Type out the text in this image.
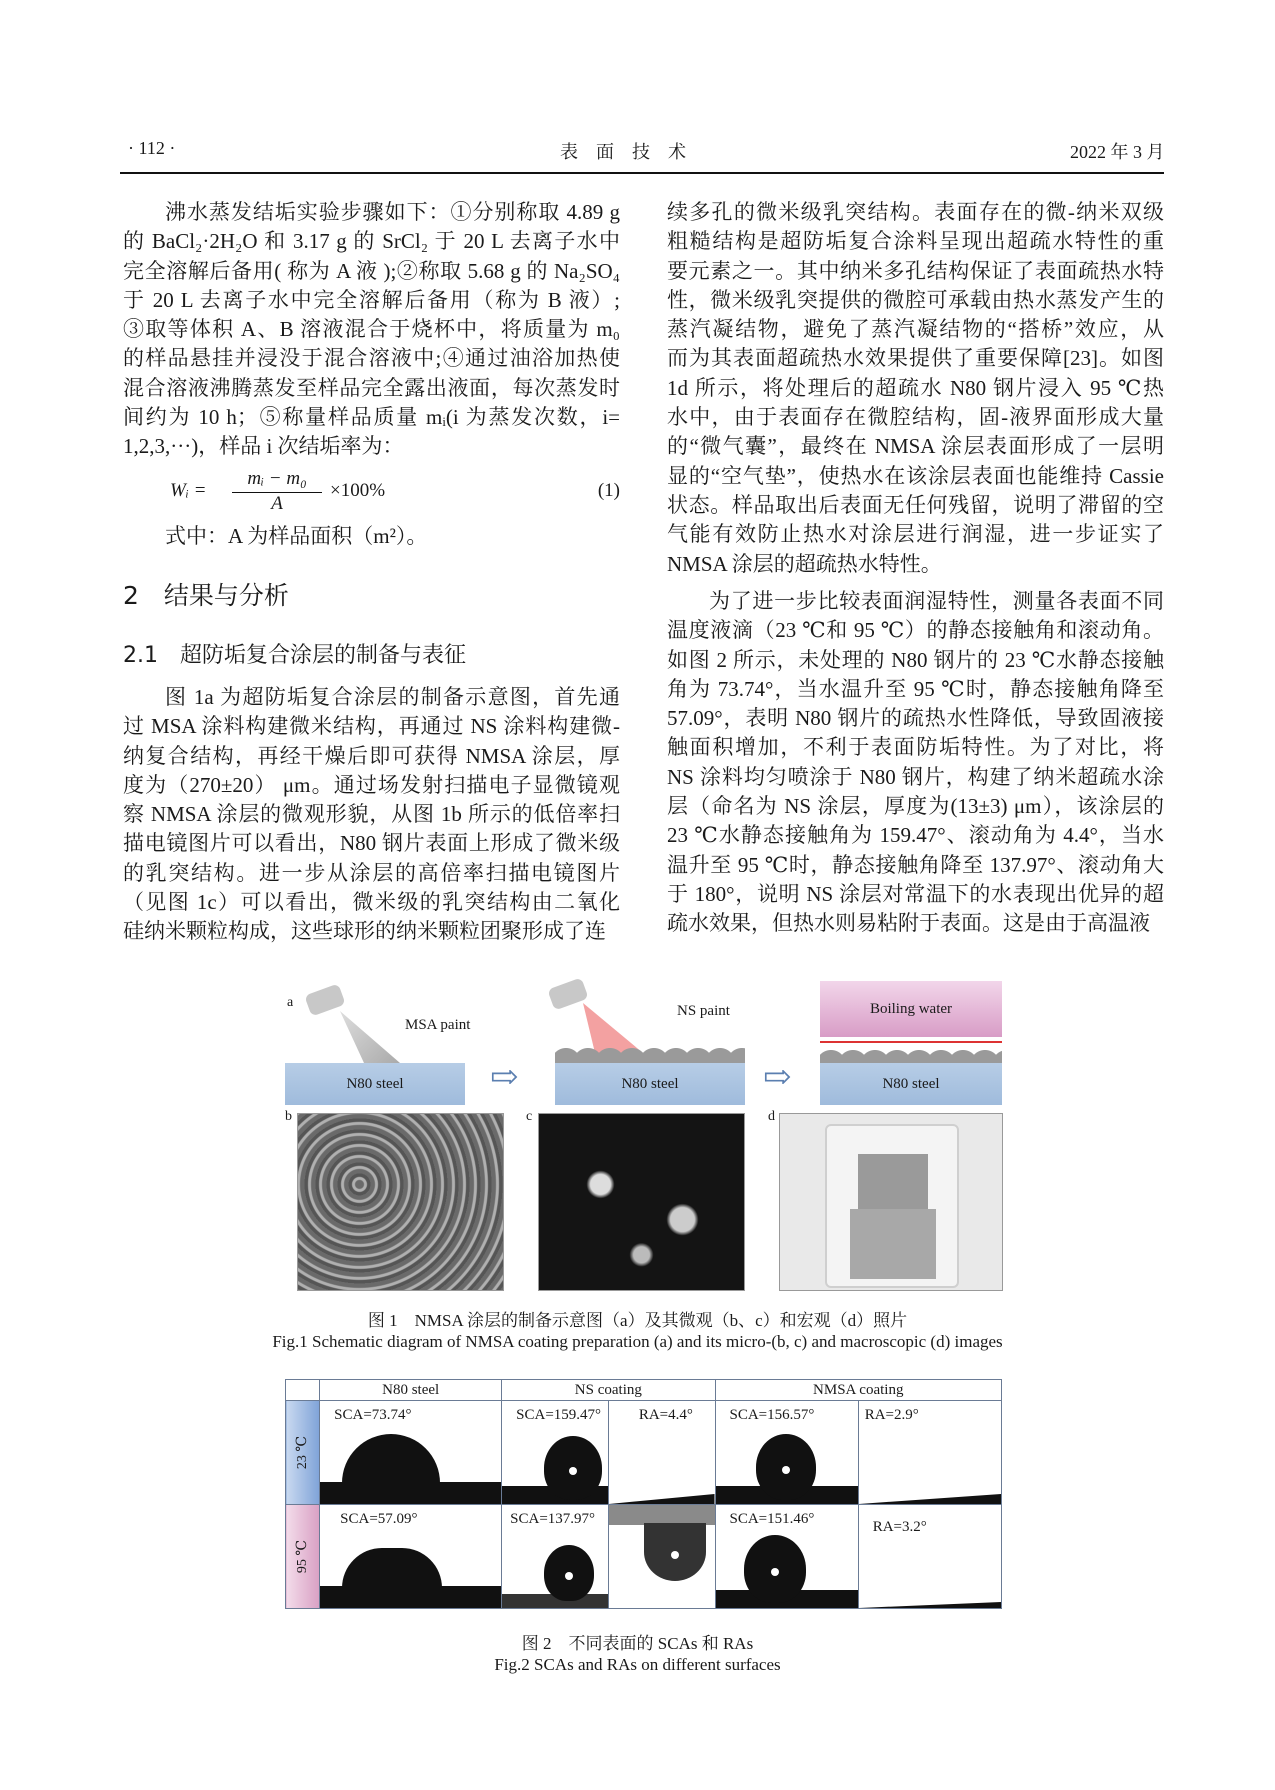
· 112 ·	表　面　技　术	2022 年 3 月
沸水蒸发结垢实验步骤如下：①分别称取 4.89 g
的 BaCl₂·2H₂O 和 3.17 g 的 SrCl₂ 于 20 L 去离子水中
完全溶解后备用( 称为 A 液 );②称取 5.68 g 的 Na₂SO₄
于 20 L 去离子水中完全溶解后备用（称为 B 液）;
③取等体积 A、B 溶液混合于烧杯中，将质量为 m₀
的样品悬挂并浸没于混合溶液中;④通过油浴加热使
混合溶液沸腾蒸发至样品完全露出液面，每次蒸发时
间约为 10 h；⑤称量样品质量 mᵢ(i 为蒸发次数，i=
1,2,3,···)，样品 i 次结垢率为：
Wᵢ = $\frac{\text{mᵢ − m₀}}{A} \times 100\%$	(1)
式中：A 为样品面积（m²）。
2　结果与分析
2.1　超防垢复合涂层的制备与表征
图 1a 为超防垢复合涂层的制备示意图，首先通
过 MSA 涂料构建微米结构，再通过 NS 涂料构建微-
纳复合结构，再经干燥后即可获得 NMSA 涂层，厚
度为（270±20） μm。通过场发射扫描电子显微镜观
察 NMSA 涂层的微观形貌，从图 1b 所示的低倍率扫
描电镜图片可以看出，N80 钢片表面上形成了微米级
的乳突结构。进一步从涂层的高倍率扫描电镜图片
（见图 1c）可以看出，微米级的乳突结构由二氧化
硅纳米颗粒构成，这些球形的纳米颗粒团聚形成了连
续多孔的微米级乳突结构。表面存在的微-纳米双级
粗糙结构是超防垢复合涂料呈现出超疏水特性的重
要元素之一。其中纳米多孔结构保证了表面疏热水特
性，微米级乳突提供的微腔可承载由热水蒸发产生的
蒸汽凝结物，避免了蒸汽凝结物的“搭桥”效应，从
而为其表面超疏热水效果提供了重要保障[23]。如图
1d 所示，将处理后的超疏水 N80 钢片浸入 95 ℃热
水中，由于表面存在微腔结构，固-液界面形成大量
的“微气囊”，最终在 NMSA 涂层表面形成了一层明
显的“空气垫”，使热水在该涂层表面也能维持 Cassie
状态。样品取出后表面无任何残留，说明了滞留的空
气能有效防止热水对涂层进行润湿，进一步证实了
NMSA 涂层的超疏热水特性。
为了进一步比较表面润湿特性，测量各表面不同
温度液滴（23 ℃和 95 ℃）的静态接触角和滚动角。
如图 2 所示，未处理的 N80 钢片的 23 ℃水静态接触
角为 73.74°，当水温升至 95 ℃时，静态接触角降至
57.09°，表明 N80 钢片的疏热水性降低，导致固液接
触面积增加，不利于表面防垢特性。为了对比，将
NS 涂料均匀喷涂于 N80 钢片，构建了纳米超疏水涂
层（命名为 NS 涂层，厚度为(13±3) μm），该涂层的
23 ℃水静态接触角为 159.47°、滚动角为 4.4°，当水
温升至 95 ℃时，静态接触角降至 137.97°、滚动角大
于 180°，说明 NS 涂层对常温下的水表现出优异的超
疏水效果，但热水则易粘附于表面。这是由于高温液
a
MSA paint
N80 steel	⇨
NS paint
N80 steel	⇨
Boiling water
N80 steel
b	c	d
图 1　NMSA 涂层的制备示意图（a）及其微观（b、c）和宏观（d）照片
Fig.1 Schematic diagram of NMSA coating preparation (a) and its micro-(b, c) and macroscopic (d) images
	N80 steel	NS coating		NMSA coating	
23 ℃	SCA=73.74°	SCA=159.47°	RA=4.4°	SCA=156.57°	RA=2.9°

95 ℃	SCA=57.09°	SCA=137.97°		SCA=151.46°	RA=3.2°
图 2　不同表面的 SCAs 和 RAs
Fig.2 SCAs and RAs on different surfaces
